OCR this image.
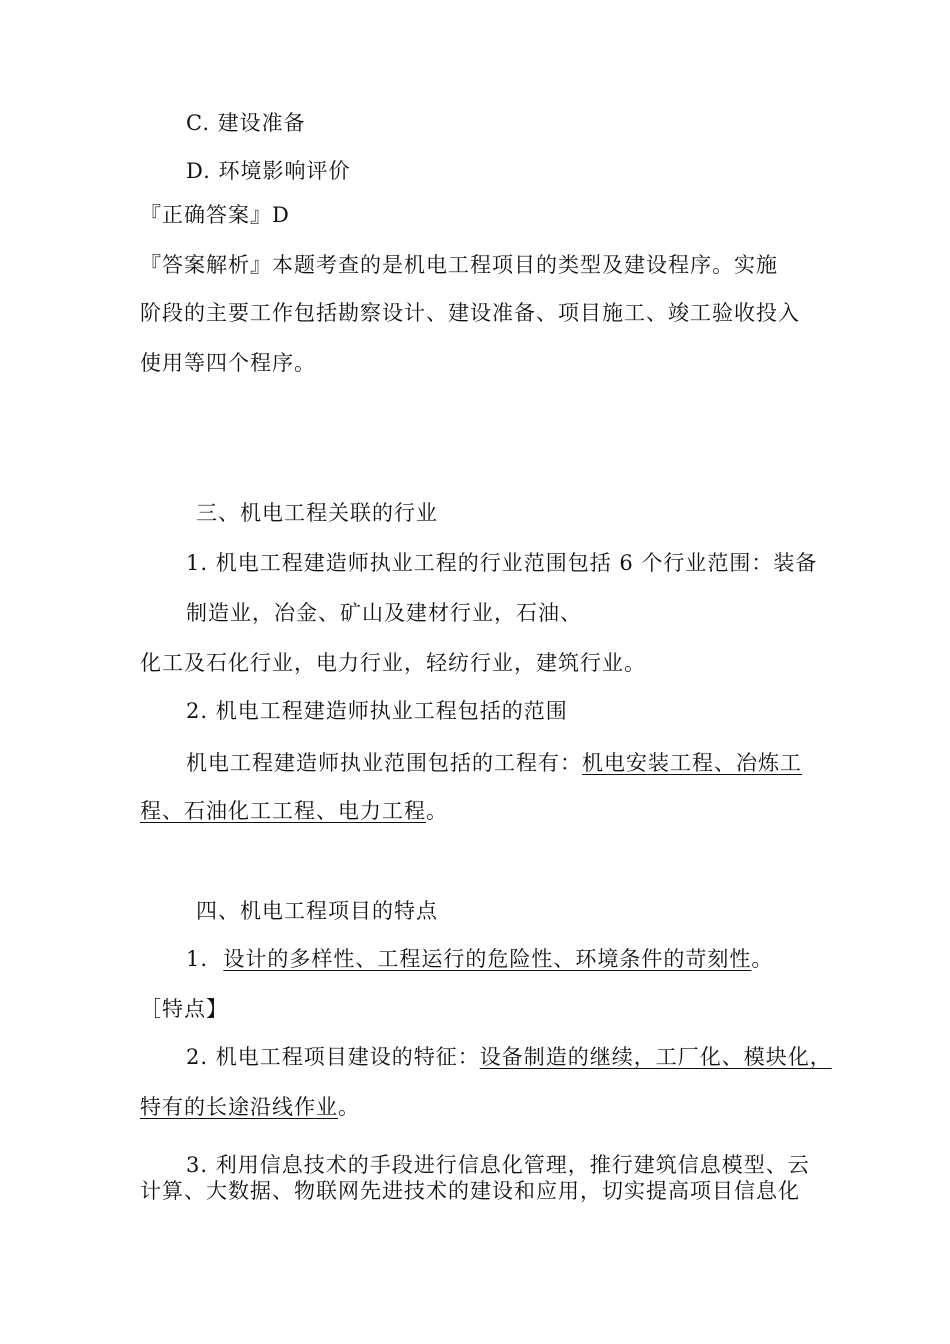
C. 建设准备
D. 环境影响评价
『正确答案』D
『答案解析』本题考查的是机电工程项目的类型及建设程序。实施
阶段的主要工作包括勘察设计、建设准备、项目施工、竣工验收投入
使用等四个程序。
三、机电工程关联的行业
1. 机电工程建造师执业工程的行业范围包括 6 个行业范围：装备
制造业，冶金、矿山及建材行业，石油、
化工及石化行业，电力行业，轻纺行业，建筑行业。
2. 机电工程建造师执业工程包括的范围
机电工程建造师执业范围包括的工程有：机电安装工程、冶炼工
程、石油化工工程、电力工程。
四、机电工程项目的特点
1.  设计的多样性、工程运行的危险性、环境条件的苛刻性。
［特点】
2. 机电工程项目建设的特征：设备制造的继续，工厂化、模块化，
特有的长途沿线作业。
3. 利用信息技术的手段进行信息化管理，推行建筑信息模型、云
计算、大数据、物联网先进技术的建设和应用，切实提高项目信息化
